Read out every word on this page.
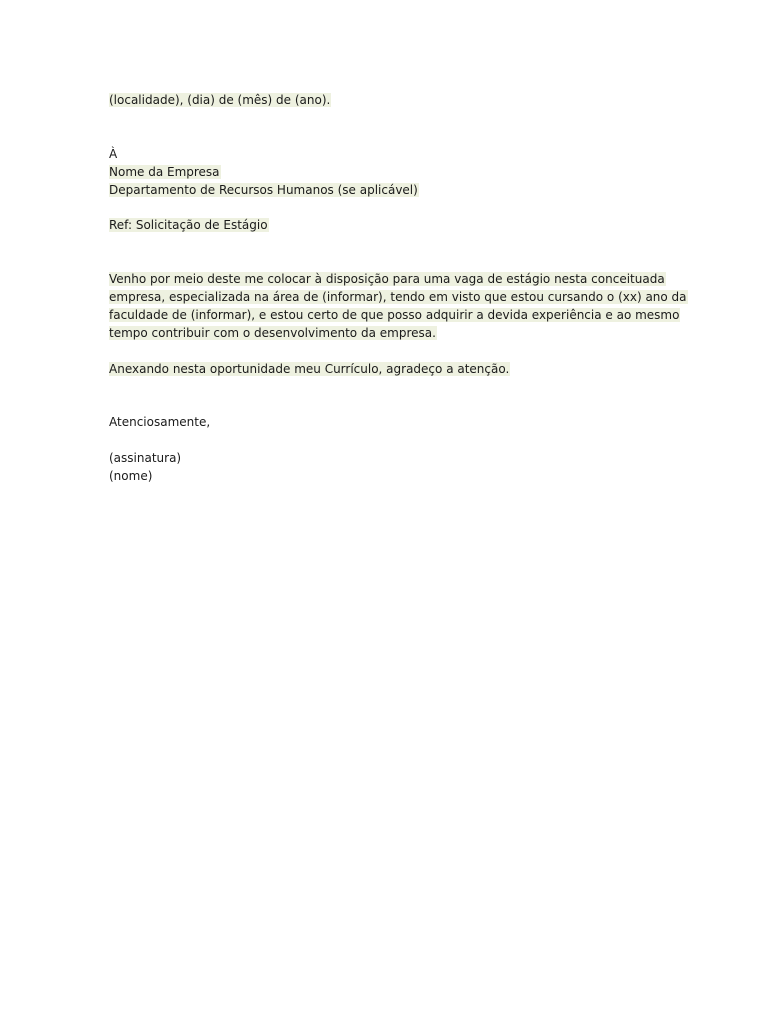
(localidade), (dia) de (mês) de (ano).
À
Nome da Empresa
Departamento de Recursos Humanos (se aplicável)
Ref: Solicitação de Estágio
Venho por meio deste me colocar à disposição para uma vaga de estágio nesta conceituada
empresa, especializada na área de (informar), tendo em visto que estou cursando o (xx) ano da
faculdade de (informar), e estou certo de que posso adquirir a devida experiência e ao mesmo
tempo contribuir com o desenvolvimento da empresa.
Anexando nesta oportunidade meu Currículo, agradeço a atenção.
Atenciosamente,
(assinatura)
(nome)
